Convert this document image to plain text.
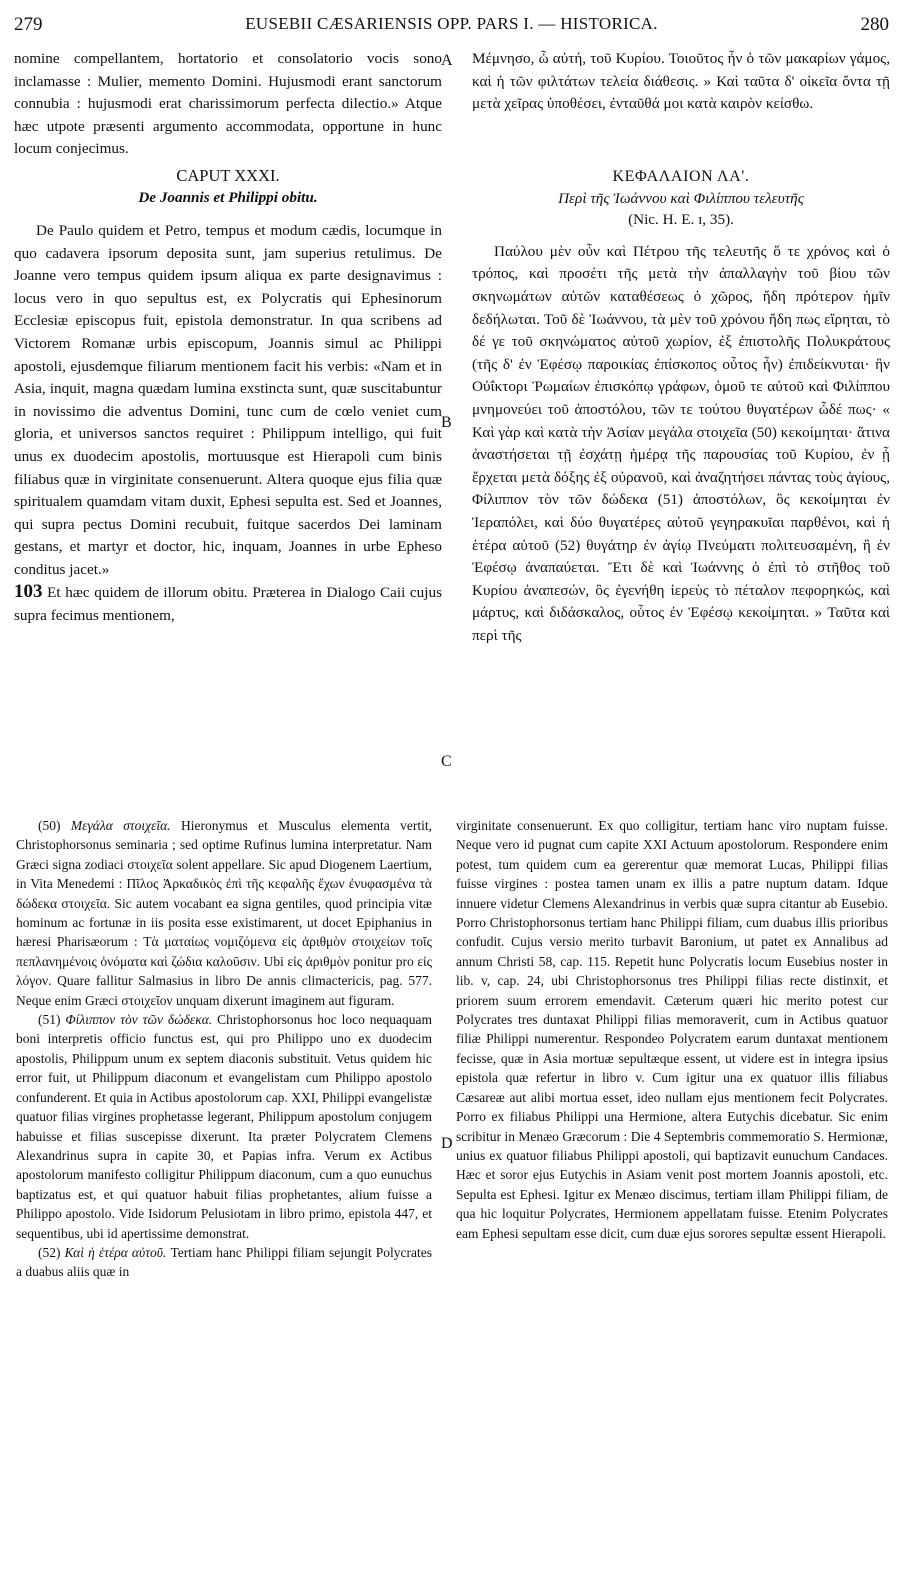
279	EUSEBII CÆSARIENSIS OPP. PARS I. — HISTORICA.	280
A
B
C
D

nomine compellantem, hortatorio et consolatorio vocis sono inclamasse : Mulier, memento Domini. Hujusmodi erant sanctorum connubia : hujusmodi erat charissimorum perfecta dilectio.» Atque hæc utpote præsenti argumento accommodata, opportune in hunc locum conjecimus.

CAPUT XXXI.
De Joannis et Philippi obitu.

De Paulo quidem et Petro, tempus et modum cædis, locumque in quo cadavera ipsorum deposita sunt, jam superius retulimus. De Joanne vero tempus quidem ipsum aliqua ex parte designavimus : locus vero in quo sepultus est, ex Polycratis qui Ephesinorum Ecclesiæ episcopus fuit, epistola demonstratur. In qua scribens ad Victorem Romanæ urbis episcopum, Joannis simul ac Philippi apostoli, ejusdemque filiarum mentionem facit his verbis: «Nam et in Asia, inquit, magna quædam lumina exstincta sunt, quæ suscitabuntur in novissimo die adventus Domini, tunc cum de cœlo veniet cum gloria, et universos sanctos requiret : Philippum intelligo, qui fuit unus ex duodecim apostolis, mortuusque est Hierapoli cum binis filiabus quæ in virginitate consenuerunt. Altera quoque ejus filia quæ spiritualem quamdam vitam duxit, Ephesi sepulta est. Sed et Joannes, qui supra pectus Domini recubuit, fuitque sacerdos Dei laminam gestans, et martyr et doctor, hic, inquam, Joannes in urbe Epheso conditus jacet.»

103 Et hæc quidem de illorum obitu. Præterea in Dialogo Caii cujus supra fecimus mentionem,

Μέμνησο, ὦ αὐτή, τοῦ Κυρίου. Τοιοῦτος ἦν ὁ τῶν μακαρίων γάμος, καὶ ἡ τῶν φιλτάτων τελεία διάθεσις. » Καὶ ταῦτα δ' οἰκεῖα ὄντα τῇ μετὰ χεῖρας ὑποθέσει, ἐνταῦθά μοι κατὰ καιρὸν κείσθω.

ΚΕΦΑΛΑΙΟΝ ΛΑ'.
Περὶ τῆς Ἰωάννου καὶ Φιλίππου τελευτῆς
(Nic. H. E. ɪ, 35).

Παύλου μὲν οὖν καὶ Πέτρου τῆς τελευτῆς ὅ τε χρόνος καὶ ὁ τρόπος, καὶ προσέτι τῆς μετὰ τὴν ἀπαλλαγὴν τοῦ βίου τῶν σκηνωμάτων αὐτῶν καταθέσεως ὁ χῶρος, ἤδη πρότερον ἡμῖν δεδήλωται. Τοῦ δὲ Ἰωάννου, τὰ μὲν τοῦ χρόνου ἤδη πως εἴρηται, τὸ δέ γε τοῦ σκηνώματος αὐτοῦ χωρίον, ἐξ ἐπιστολῆς Πολυκράτους (τῆς δ' ἐν Ἐφέσῳ παροικίας ἐπίσκοπος οὗτος ἦν) ἐπιδείκνυται· ἣν Οὐΐκτορι Ῥωμαίων ἐπισκόπῳ γράφων, ὁμοῦ τε αὐτοῦ καὶ Φιλίππου μνημονεύει τοῦ ἀποστόλου, τῶν τε τούτου θυγατέρων ὧδέ πως· « Καὶ γὰρ καὶ κατὰ τὴν Ἀσίαν μεγάλα στοιχεῖα (50) κεκοίμηται· ἅτινα ἀναστήσεται τῇ ἐσχάτῃ ἡμέρᾳ τῆς παρουσίας τοῦ Κυρίου, ἐν ᾗ ἔρχεται μετὰ δόξης ἐξ οὐρανοῦ, καὶ ἀναζητήσει πάντας τοὺς ἁγίους, Φίλιππον τὸν τῶν δώδεκα (51) ἀποστόλων, ὃς κεκοίμηται ἐν Ἱεραπόλει, καὶ δύο θυγατέρες αὐτοῦ γεγηρακυῖαι παρθένοι, καὶ ἡ ἑτέρα αὐτοῦ (52) θυγάτηρ ἐν ἁγίῳ Πνεύματι πολιτευσαμένη, ἣ ἐν Ἐφέσῳ ἀναπαύεται. Ἔτι δὲ καὶ Ἰωάννης ὁ ἐπὶ τὸ στῆθος τοῦ Κυρίου ἀναπεσών, ὃς ἐγενήθη ἱερεὺς τὸ πέταλον πεφορηκώς, καὶ μάρτυς, καὶ διδάσκαλος, οὗτος ἐν Ἐφέσῳ κεκοίμηται. » Ταῦτα καὶ περὶ τῆς

(50) Μεγάλα στοιχεῖα. Hieronymus et Musculus elementa vertit, Christophorsonus seminaria ; sed optime Rufinus lumina interpretatur. Nam Græci signa zodiaci στοιχεῖα solent appellare. Sic apud Diogenem Laertium, in Vita Menedemi : Πῖλος Ἀρκαδικὸς ἐπὶ τῆς κεφαλῆς ἔχων ἐνυφασμένα τὰ δώδεκα στοιχεῖα. Sic autem vocabant ea signa gentiles, quod principia vitæ hominum ac fortunæ in iis posita esse existimarent, ut docet Epiphanius in hæresi Pharisæorum : Τὰ ματαίως νομιζόμενα εἰς ἀριθμὸν στοιχείων τοῖς πεπλανημένοις ὀνόματα καὶ ζώδια καλοῦσιν. Ubi εἰς ἀριθμὸν ponitur pro εἰς λόγον. Quare fallitur Salmasius in libro De annis climactericis, pag. 577. Neque enim Græci στοιχεῖον unquam dixerunt imaginem aut figuram.

(51) Φίλιππον τὸν τῶν δώδεκα. Christophorsonus hoc loco nequaquam boni interpretis officio functus est, qui pro Philippo uno ex duodecim apostolis, Philippum unum ex septem diaconis substituit. Vetus quidem hic error fuit, ut Philippum diaconum et evangelistam cum Philippo apostolo confunderent. Et quia in Actibus apostolorum cap. XXI, Philippi evangelistæ quatuor filias virgines prophetasse legerant, Philippum apostolum conjugem habuisse et filias suscepisse dixerunt. Ita præter Polycratem Clemens Alexandrinus supra in capite 30, et Papias infra. Verum ex Actibus apostolorum manifesto colligitur Philippum diaconum, cum a quo eunuchus baptizatus est, et qui quatuor habuit filias prophetantes, alium fuisse a Philippo apostolo. Vide Isidorum Pelusiotam in libro primo, epistola 447, et sequentibus, ubi id apertissime demonstrat.

(52) Καὶ ἡ ἑτέρα αὐτοῦ. Tertiam hanc Philippi filiam sejungit Polycrates a duabus aliis quæ in

virginitate consenuerunt. Ex quo colligitur, tertiam hanc viro nuptam fuisse. Neque vero id pugnat cum capite XXI Actuum apostolorum. Respondere enim potest, tum quidem cum ea gererentur quæ memorat Lucas, Philippi filias fuisse virgines : postea tamen unam ex illis a patre nuptum datam. Idque innuere videtur Clemens Alexandrinus in verbis quæ supra citantur ab Eusebio. Porro Christophorsonus tertiam hanc Philippi filiam, cum duabus illis prioribus confudit. Cujus versio merito turbavit Baronium, ut patet ex Annalibus ad annum Christi 58, cap. 115. Repetit hunc Polycratis locum Eusebius noster in lib. v, cap. 24, ubi Christophorsonus tres Philippi filias recte distinxit, et priorem suum errorem emendavit. Cæterum quæri hic merito potest cur Polycrates tres duntaxat Philippi filias memoraverit, cum in Actibus quatuor filiæ Philippi numerentur. Respondeo Polycratem earum duntaxat mentionem fecisse, quæ in Asia mortuæ sepultæque essent, ut videre est in integra ipsius epistola quæ refertur in libro v. Cum igitur una ex quatuor illis filiabus Cæsareæ aut alibi mortua esset, ideo nullam ejus mentionem fecit Polycrates. Porro ex filiabus Philippi una Hermione, altera Eutychis dicebatur. Sic enim scribitur in Menæo Græcorum : Die 4 Septembris commemoratio S. Hermionæ, unius ex quatuor filiabus Philippi apostoli, qui baptizavit eunuchum Candaces. Hæc et soror ejus Eutychis in Asiam venit post mortem Joannis apostoli, etc. Sepulta est Ephesi. Igitur ex Menæo discimus, tertiam illam Philippi filiam, de qua hic loquitur Polycrates, Hermionem appellatam fuisse. Etenim Polycrates eam Ephesi sepultam esse dicit, cum duæ ejus sorores sepultæ essent Hierapoli.
